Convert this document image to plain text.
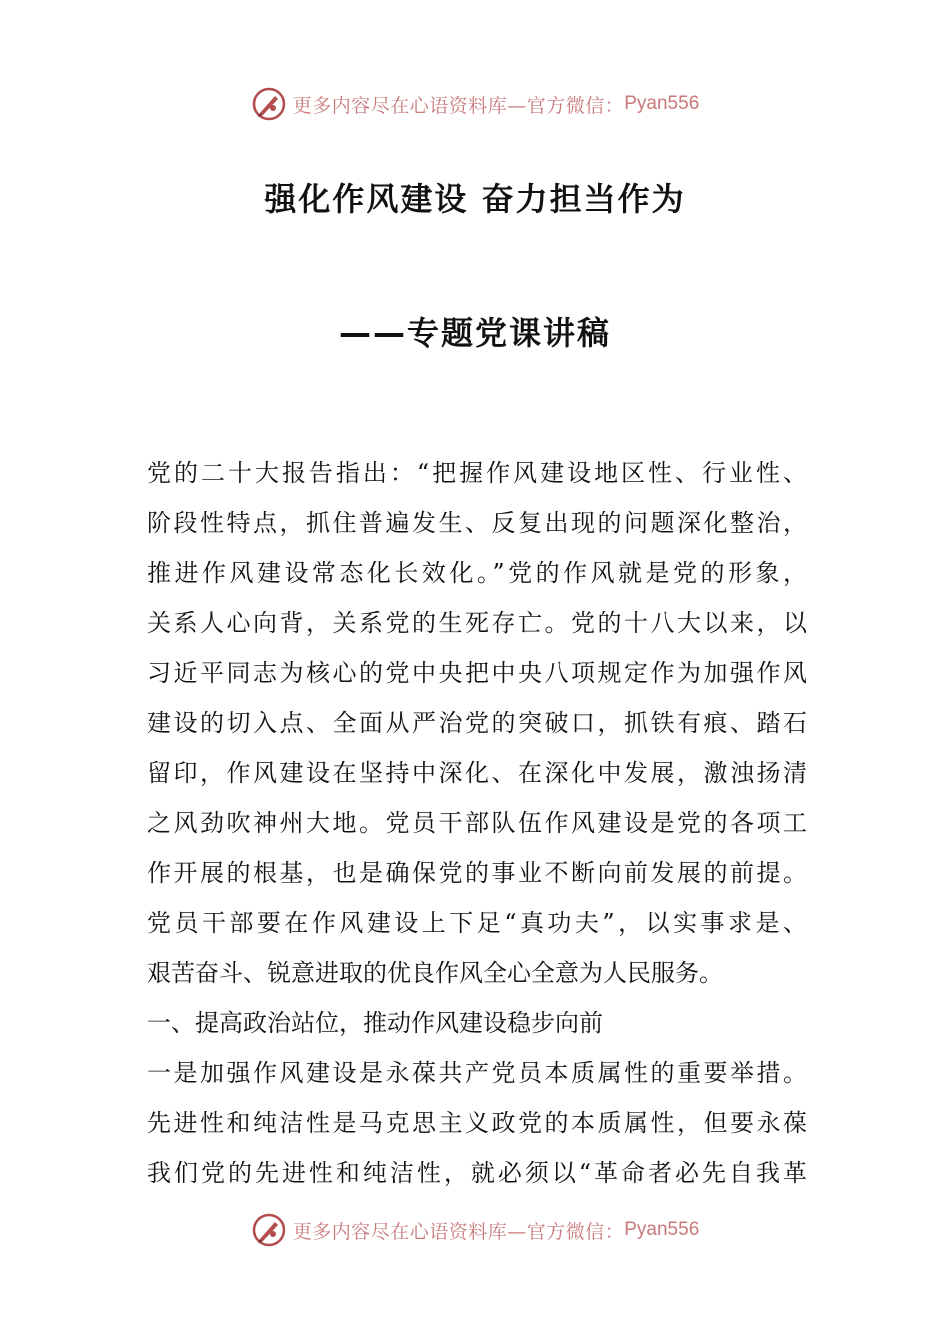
更多内容尽在心语资料库—官方微信： Pyan556
强化作风建设 奋力担当作为
——专题党课讲稿
党的二十大报告指出：“把握作风建设地区性、行业性、
阶段性特点，抓住普遍发生、反复出现的问题深化整治，
推进作风建设常态化长效化。”党的作风就是党的形象，
关系人心向背，关系党的生死存亡。党的十八大以来，以
习近平同志为核心的党中央把中央八项规定作为加强作风
建设的切入点、全面从严治党的突破口，抓铁有痕、踏石
留印，作风建设在坚持中深化、在深化中发展，激浊扬清
之风劲吹神州大地。党员干部队伍作风建设是党的各项工
作开展的根基，也是确保党的事业不断向前发展的前提。
党员干部要在作风建设上下足“真功夫”，以实事求是、
艰苦奋斗、锐意进取的优良作风全心全意为人民服务。
一、提高政治站位，推动作风建设稳步向前
一是加强作风建设是永葆共产党员本质属性的重要举措。
先进性和纯洁性是马克思主义政党的本质属性，但要永葆
我们党的先进性和纯洁性，就必须以“革命者必先自我革
更多内容尽在心语资料库—官方微信： Pyan556
